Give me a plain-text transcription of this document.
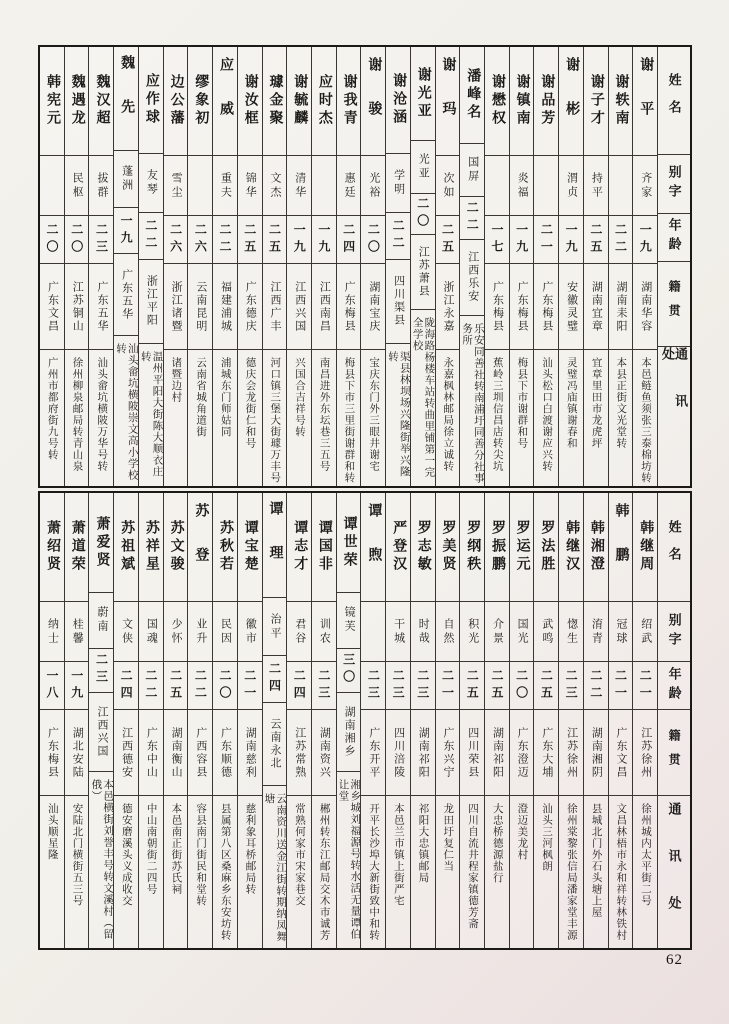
姓名
别字
年龄
籍贯
通讯处
谢平
齐家
一九
湖南华容
本邑鲢鱼须张三泰棉坊转
谢轶南
二二
湖南耒阳
本县正街文光堂转
谢子才
持平
二五
湖南宜章
宜章里田市龙虎坪
谢彬
渭贞
一九
安徽灵璧
灵璧冯庙镇谢春和
谢品芳
二一
广东梅县
汕头松口白渡谢应兴转
谢镇南
炎福
一九
广东梅县
梅县下市谢群和号
谢懋权
一七
广东梅县
蕉岭三圳信昌店转尖坑
潘峰名
国屏
二二
江西乐安
乐安同善社转南浦圩同善分社事务所
谢玛
次如
二五
浙江永嘉
永嘉枫林邮局徐立诚转
谢光亚
光亚
二〇
江苏萧县
陇海路杨楼车站转曲里铺第一完全学校
谢沧涵
学明
二二
四川渠县
渠县林坝场兴隆街举兴隆转
谢骏
光裕
二〇
湖南宝庆
宝庆东门外三眼井谢宅
谢我青
惠廷
二四
广东梅县
梅县下市三里街谢群和转
应时杰
一九
江西南昌
南昌进外东坛巷三五号
谢毓麟
清华
一九
江西兴国
兴国合吉祥号转
璩金聚
文杰
二五
江西广丰
河口镇三堡大街璩万丰号
谢汝框
锦华
二五
广东德庆
德庆会龙街仁和号
应威
重夫
二二
福建浦城
浦城东门师姑同
缪象初
二六
云南昆明
云南省城角道街
边公藩
雪尘
二六
浙江诸暨
诸暨边村
应作球
友琴
二二
浙江平阳
温州平阳大街陈大顺衣庄转
魏先
蓬洲
一九
广东五华
汕头畲坑横陂崇文高小学校转
魏汉超
拔群
二三
广东五华
汕头畲坑横陂万华号转
魏遇龙
民枢
二〇
江苏铜山
徐州柳泉邮局转青山泉
韩宪元
二〇
广东文昌
广州市都府街九号转
姓名
别字
年龄
籍贯
通讯处
韩继周
绍武
二一
江苏徐州
徐州城内太平街二号
韩鹏
冠球
二一
广东文昌
文昌林梧市永和祥转林铁村
韩湘澄
淯青
二二
湖南湘阴
县城北门外石头塘上屋
韩继汉
愡生
二三
江苏徐州
徐州棠黎张信局潘家堂丰源
罗法胜
武鸣
二五
广东大埔
汕头三河枫朗
罗运元
国光
二〇
广东澄迈
澄迈美龙村
罗振鹏
介景
二五
湖南祁阳
大忠桥德源盐行
罗纲秩
积光
二五
四川荣县
四川自流井程家镇德芳斋
罗美贤
自然
二一
广东兴宁
龙田圩复仁当
罗志敏
时哉
二三
湖南祁阳
祁阳大忠镇邮局
严登汉
干城
二三
四川涪陵
本邑兰市镇上街严宅
谭煦
二三
广东开平
开平长沙埠大新街致中和转
谭世荣
镜芙
三〇
湖南湘乡
湘乡城刘福源号转水活无量谭伯让堂
谭国非
训农
二三
湖南资兴
郴州转东江邮局交木市诚芳
谭志才
君谷
二四
江苏常熟
常熟何家市宋家巷交
谭理
治平
二四
云南永北
云南资川送金江街转期纳凤舞塘
谭宝楚
徽市
二一
湖南慈利
慈利象耳桥邮局转
苏秋若
民因
二〇
广东顺德
县属第八区桑麻乡东安坊转
苏登
业升
二二
广西容县
容县南门街民和堂转
苏文骏
少怀
二五
湖南衡山
本邑南正街苏氏祠
苏祥星
国魂
二二
广东中山
中山南朝街二四号
苏祖斌
文侠
二四
江西德安
德安磨溪头义成收交
萧爱贤
蔚南
二三
江西兴国
本邑横街刘誉丰号转文溪村（留俄）
萧道荣
桂馨
一九
湖北安陆
安陆北门横街五三号
萧绍贤
纳士
一八
广东梅县
汕头顺星隆
62
